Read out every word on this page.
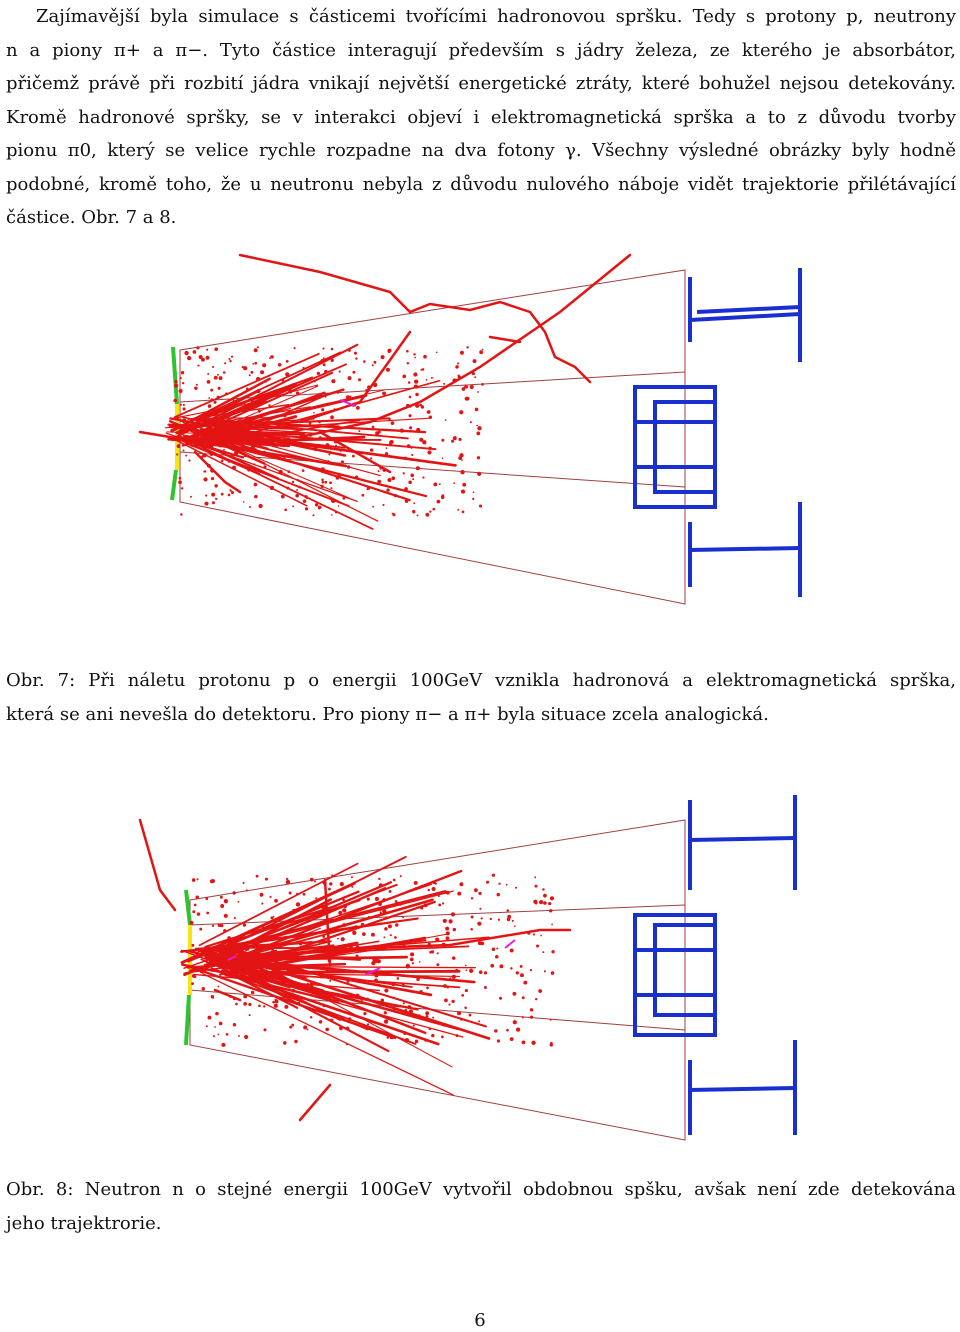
Zajímavější byla simulace s částicemi tvořícími hadronovou spršku. Tedy s protony p, neutrony
n a piony π+ a π−. Tyto částice interagují především s jádry železa, ze kterého je absorbátor,
přičemž právě při rozbití jádra vnikají největší energetické ztráty, které bohužel nejsou detekovány.
Kromě hadronové spršky, se v interakci objeví i elektromagnetická sprška a to z důvodu tvorby
pionu π0, který se velice rychle rozpadne na dva fotony γ. Všechny výsledné obrázky byly hodně
podobné, kromě toho, že u neutronu nebyla z důvodu nulového náboje vidět trajektorie přilétávající
částice. Obr. 7 a 8.
Obr. 7: Při náletu protonu p o energii 100GeV vznikla hadronová a elektromagnetická sprška,
která se ani nevešla do detektoru. Pro piony π− a π+ byla situace zcela analogická.
Obr. 8: Neutron n o stejné energii 100GeV vytvořil obdobnou spšku, avšak není zde detekována
jeho trajektrorie.
6
